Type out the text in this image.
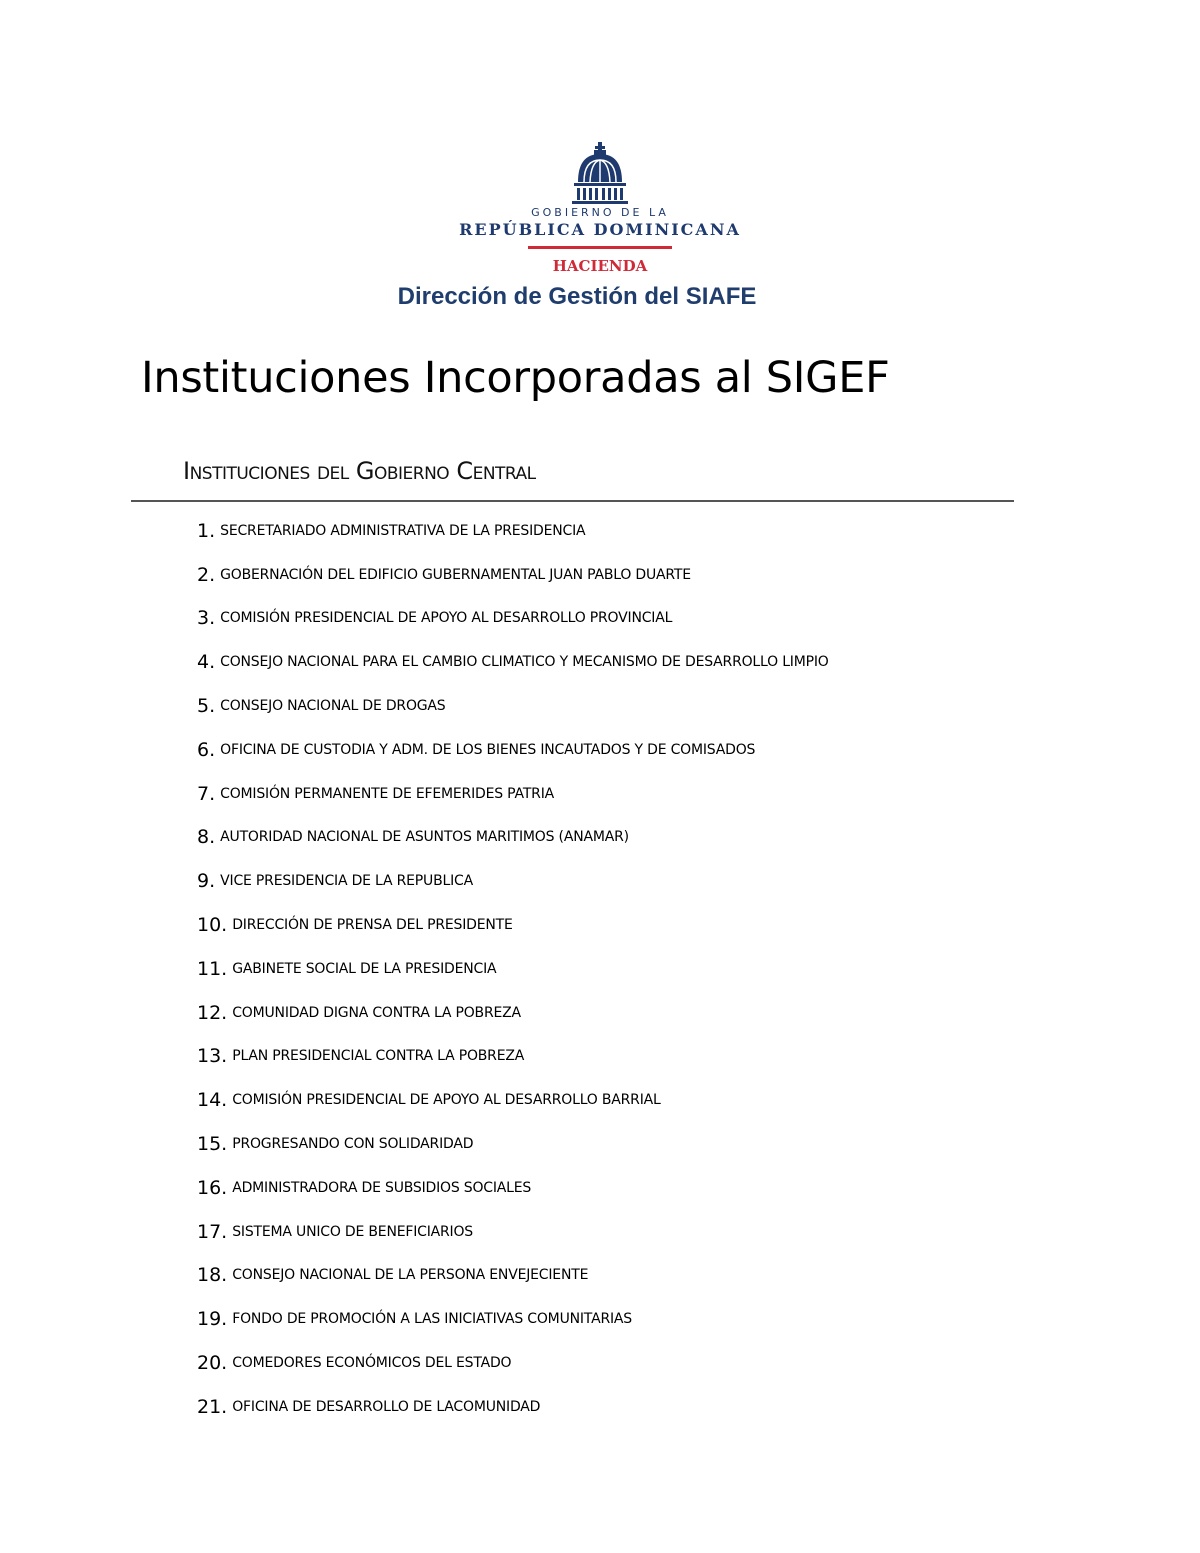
GOBIERNO DE LA
REPÚBLICA DOMINICANA
HACIENDA
Dirección de Gestión del SIAFE
Instituciones Incorporadas al SIGEF
Instituciones del Gobierno Central
1. SECRETARIADO ADMINISTRATIVA DE LA PRESIDENCIA
2. GOBERNACIÓN DEL EDIFICIO GUBERNAMENTAL JUAN PABLO DUARTE
3. COMISIÓN PRESIDENCIAL DE APOYO AL DESARROLLO PROVINCIAL
4. CONSEJO NACIONAL PARA EL CAMBIO CLIMATICO Y MECANISMO DE DESARROLLO LIMPIO
5. CONSEJO NACIONAL DE DROGAS
6. OFICINA DE CUSTODIA Y ADM. DE LOS BIENES INCAUTADOS Y DE COMISADOS
7. COMISIÓN PERMANENTE DE EFEMERIDES PATRIA
8. AUTORIDAD NACIONAL DE ASUNTOS MARITIMOS (ANAMAR)
9. VICE PRESIDENCIA DE LA REPUBLICA
10. DIRECCIÓN DE PRENSA DEL PRESIDENTE
11. GABINETE SOCIAL DE LA PRESIDENCIA
12. COMUNIDAD DIGNA CONTRA LA POBREZA
13. PLAN PRESIDENCIAL CONTRA LA POBREZA
14. COMISIÓN PRESIDENCIAL DE APOYO AL DESARROLLO BARRIAL
15. PROGRESANDO CON SOLIDARIDAD
16. ADMINISTRADORA DE SUBSIDIOS SOCIALES
17. SISTEMA UNICO DE BENEFICIARIOS
18. CONSEJO NACIONAL DE LA PERSONA ENVEJECIENTE
19. FONDO DE PROMOCIÓN A LAS INICIATIVAS COMUNITARIAS
20. COMEDORES ECONÓMICOS DEL ESTADO
21. OFICINA DE DESARROLLO DE LACOMUNIDAD
